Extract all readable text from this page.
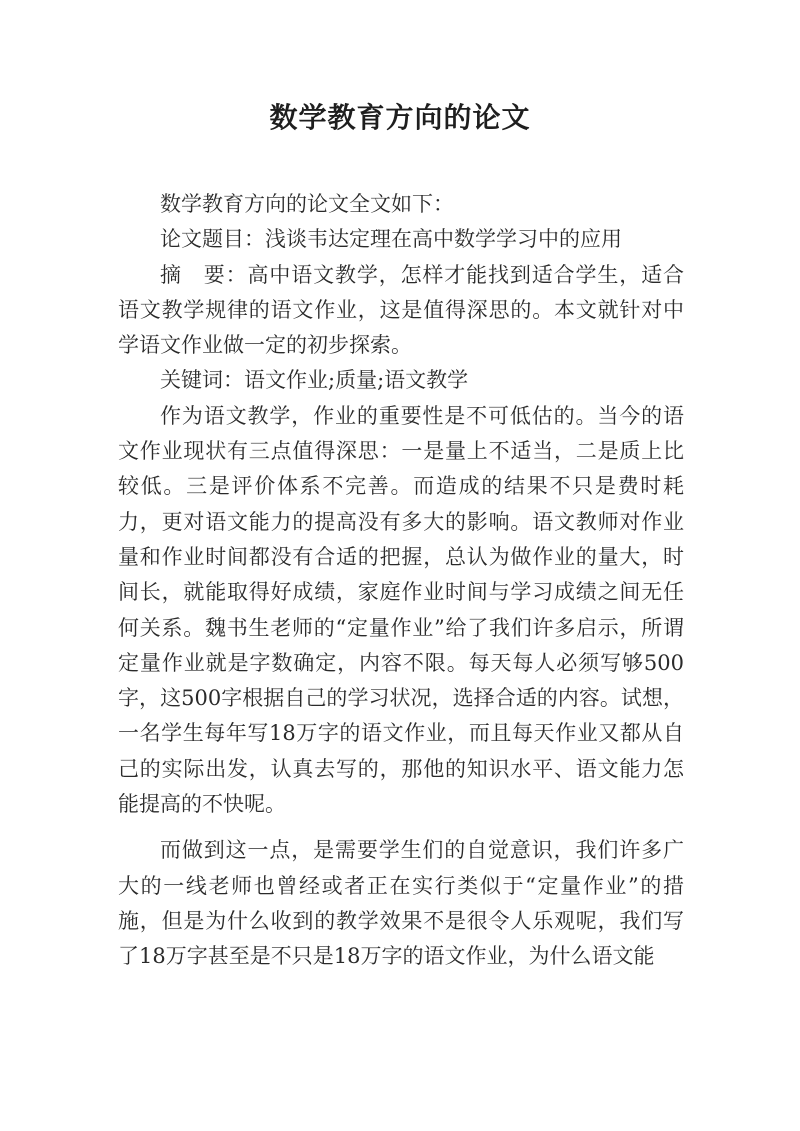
数学教育方向的论文

数学教育方向的论文全文如下：

论文题目：浅谈韦达定理在高中数学学习中的应用

摘　要：高中语文教学，怎样才能找到适合学生，适合语文教学规律的语文作业，这是值得深思的。本文就针对中学语文作业做一定的初步探索。

关键词：语文作业;质量;语文教学

作为语文教学，作业的重要性是不可低估的。当今的语文作业现状有三点值得深思：一是量上不适当，二是质上比较低。三是评价体系不完善。而造成的结果不只是费时耗力，更对语文能力的提高没有多大的影响。语文教师对作业量和作业时间都没有合适的把握，总认为做作业的量大，时间长，就能取得好成绩，家庭作业时间与学习成绩之间无任何关系。魏书生老师的“定量作业”给了我们许多启示，所谓定量作业就是字数确定，内容不限。每天每人必须写够500字，这500字根据自己的学习状况，选择合适的内容。试想，一名学生每年写18万字的语文作业，而且每天作业又都从自己的实际出发，认真去写的，那他的知识水平、语文能力怎能提高的不快呢。

而做到这一点，是需要学生们的自觉意识，我们许多广大的一线老师也曾经或者正在实行类似于“定量作业”的措施，但是为什么收到的教学效果不是很令人乐观呢，我们写了18万字甚至是不只是18万字的语文作业，为什么语文能
